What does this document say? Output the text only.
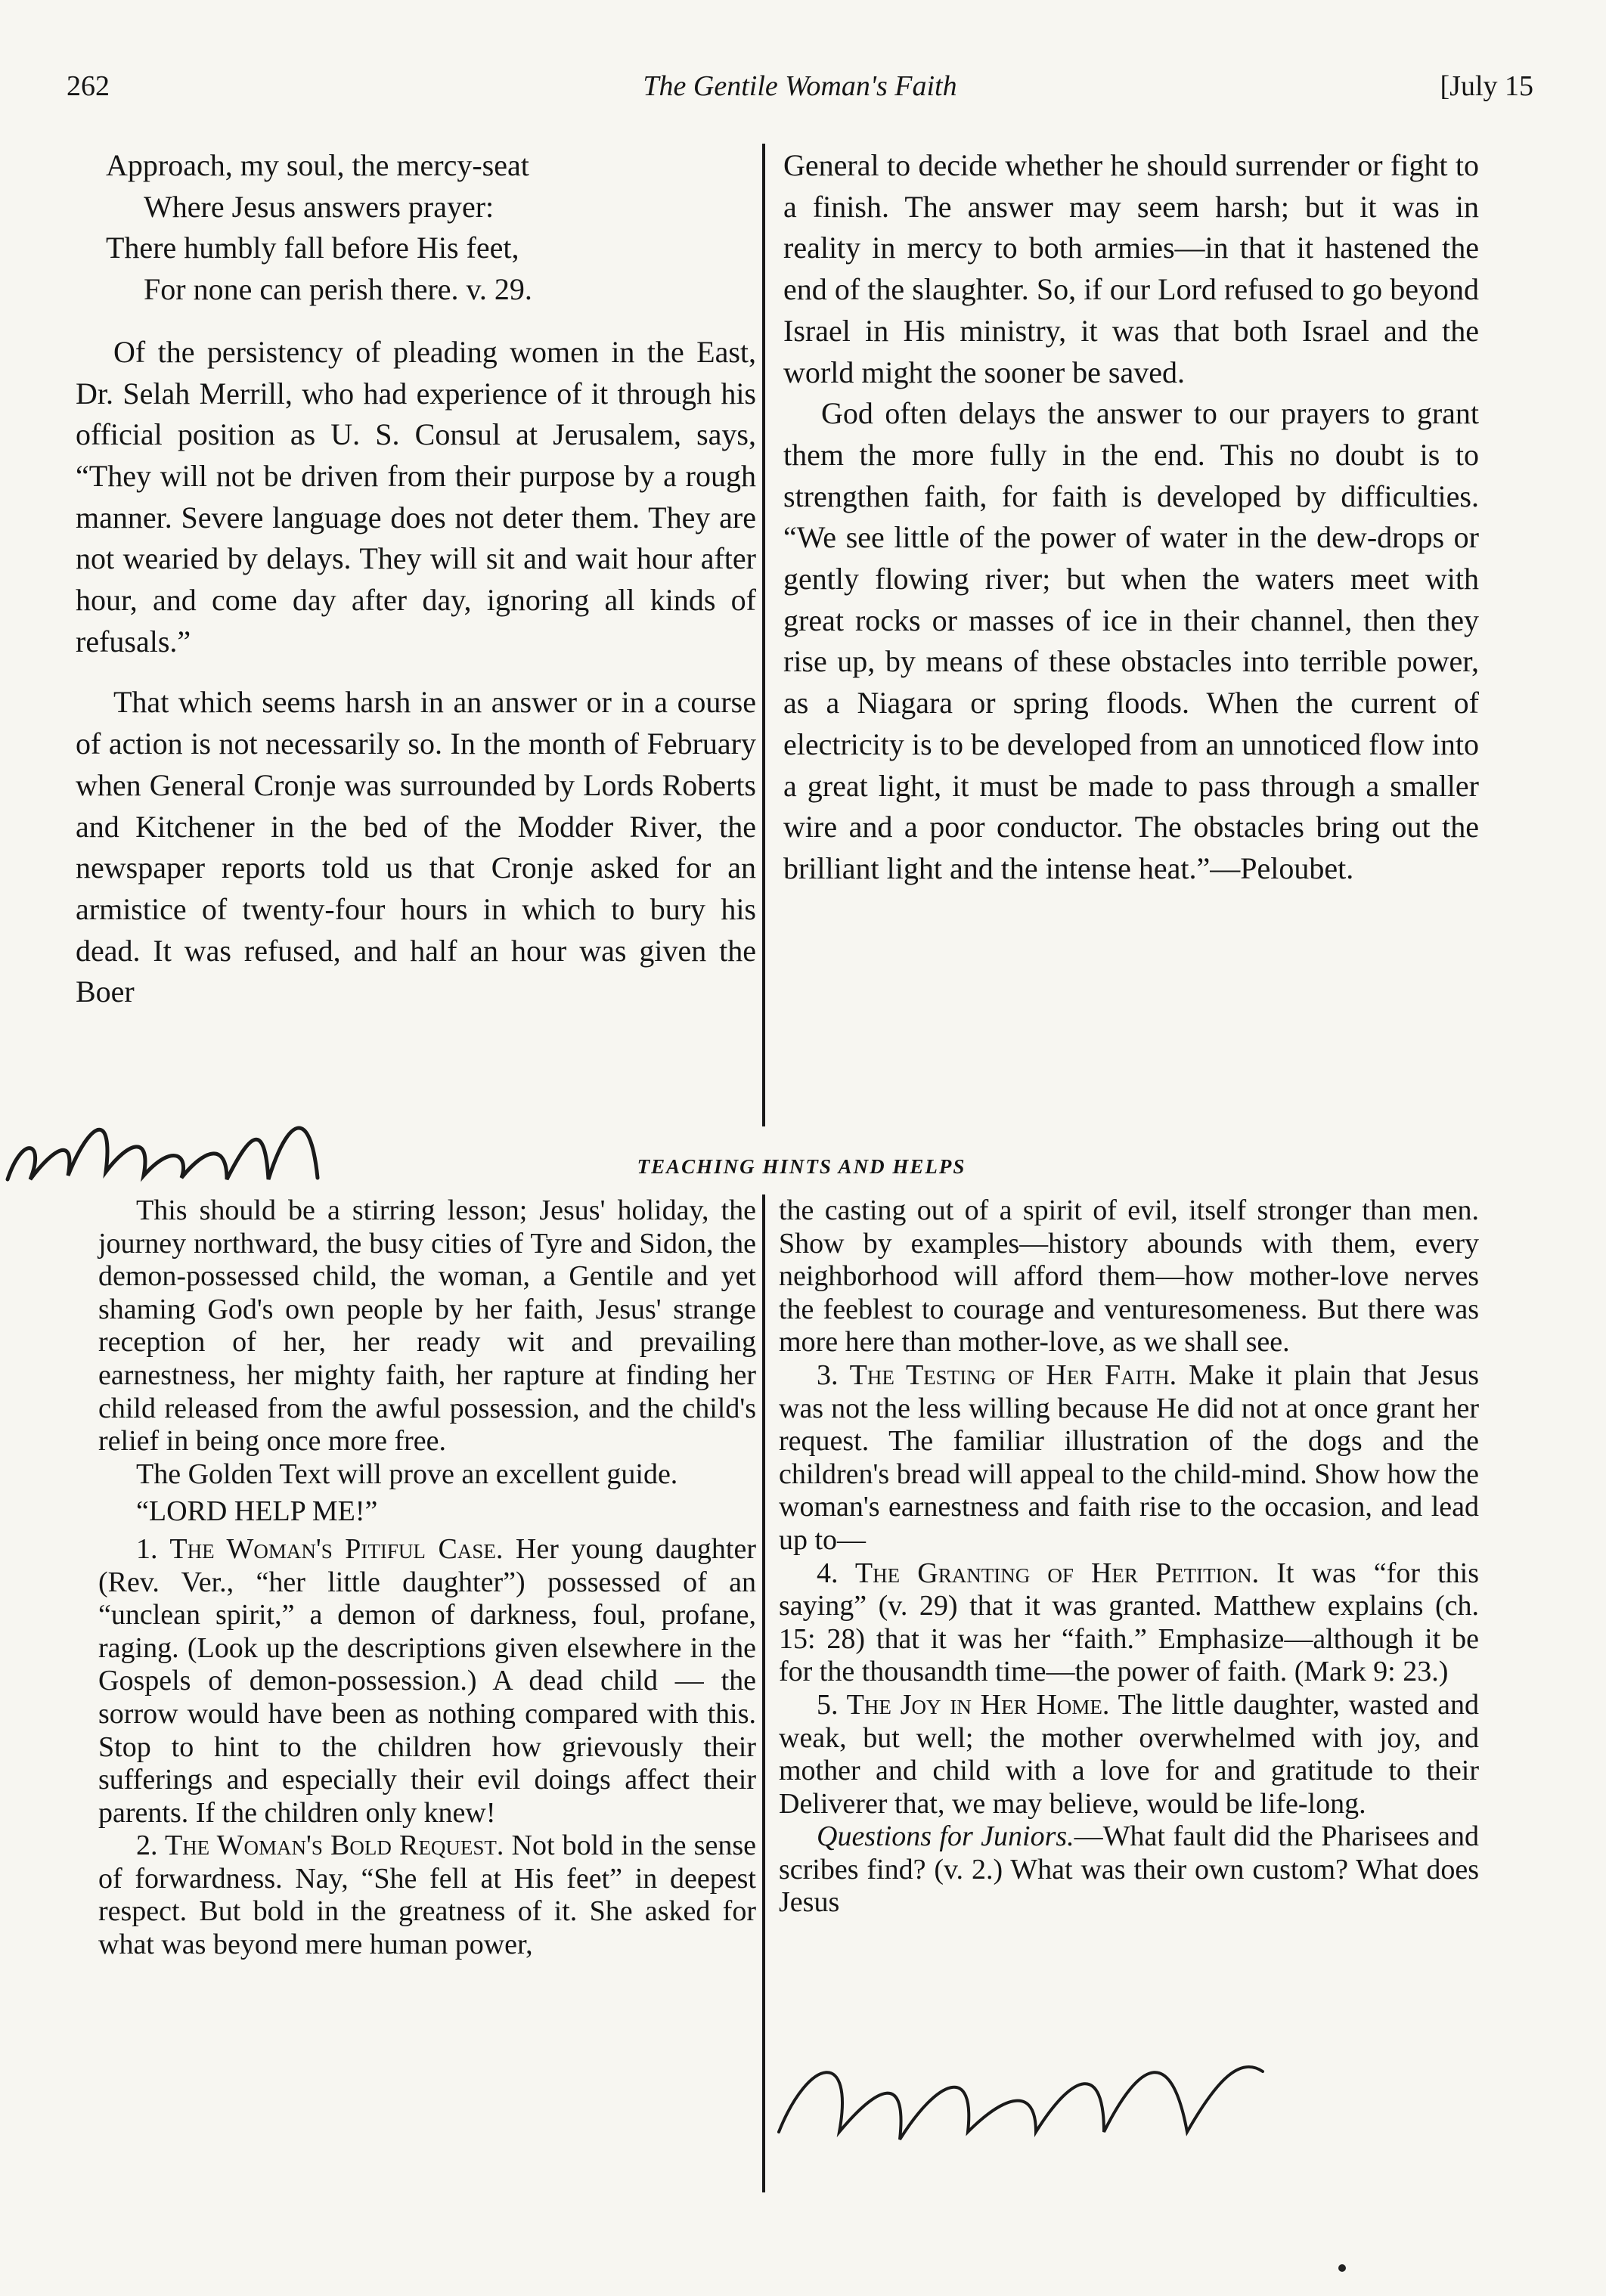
262	The Gentile Woman's Faith	[July 15

Approach, my soul, the mercy-seat
Where Jesus answers prayer:
There humbly fall before His feet,
For none can perish there. v. 29.

Of the persistency of pleading women in the East, Dr. Selah Merrill, who had experience of it through his official position as U. S. Consul at Jerusalem, says, “They will not be driven from their purpose by a rough manner. Severe language does not deter them. They are not wearied by delays. They will sit and wait hour after hour, and come day after day, ignoring all kinds of refusals.”

That which seems harsh in an answer or in a course of action is not necessarily so. In the month of February when General Cronje was surrounded by Lords Roberts and Kitchener in the bed of the Modder River, the newspaper reports told us that Cronje asked for an armistice of twenty-four hours in which to bury his dead. It was refused, and half an hour was given the Boer

General to decide whether he should surrender or fight to a finish. The answer may seem harsh; but it was in reality in mercy to both armies—in that it hastened the end of the slaughter. So, if our Lord refused to go beyond Israel in His ministry, it was that both Israel and the world might the sooner be saved.

God often delays the answer to our prayers to grant them the more fully in the end. This no doubt is to strengthen faith, for faith is developed by difficulties. “We see little of the power of water in the dew-drops or gently flowing river; but when the waters meet with great rocks or masses of ice in their channel, then they rise up, by means of these obstacles into terrible power, as a Niagara or spring floods. When the current of electricity is to be developed from an unnoticed flow into a great light, it must be made to pass through a smaller wire and a poor conductor. The obstacles bring out the brilliant light and the intense heat.”—Peloubet.

TEACHING HINTS AND HELPS

This should be a stirring lesson; Jesus' holiday, the journey northward, the busy cities of Tyre and Sidon, the demon-possessed child, the woman, a Gentile and yet shaming God's own people by her faith, Jesus' strange reception of her, her ready wit and prevailing earnestness, her mighty faith, her rapture at finding her child released from the awful possession, and the child's relief in being once more free.

The Golden Text will prove an excellent guide.

“LORD HELP ME!”

1. The Woman's Pitiful Case. Her young daughter (Rev. Ver., “her little daughter”) possessed of an “unclean spirit,” a demon of darkness, foul, profane, raging. (Look up the descriptions given elsewhere in the Gospels of demon-possession.) A dead child — the sorrow would have been as nothing compared with this. Stop to hint to the children how grievously their sufferings and especially their evil doings affect their parents. If the children only knew!

2. The Woman's Bold Request. Not bold in the sense of forwardness. Nay, “She fell at His feet” in deepest respect. But bold in the greatness of it. She asked for what was beyond mere human power,

the casting out of a spirit of evil, itself stronger than men. Show by examples—history abounds with them, every neighborhood will afford them—how mother-love nerves the feeblest to courage and venturesomeness. But there was more here than mother-love, as we shall see.

3. The Testing of Her Faith. Make it plain that Jesus was not the less willing because He did not at once grant her request. The familiar illustration of the dogs and the children's bread will appeal to the child-mind. Show how the woman's earnestness and faith rise to the occasion, and lead up to—

4. The Granting of Her Petition. It was “for this saying” (v. 29) that it was granted. Matthew explains (ch. 15: 28) that it was her “faith.” Emphasize—although it be for the thousandth time—the power of faith. (Mark 9: 23.)

5. The Joy in Her Home. The little daughter, wasted and weak, but well; the mother overwhelmed with joy, and mother and child with a love for and gratitude to their Deliverer that, we may believe, would be life-long.

Questions for Juniors.—What fault did the Pharisees and scribes find? (v. 2.) What was their own custom? What does Jesus
